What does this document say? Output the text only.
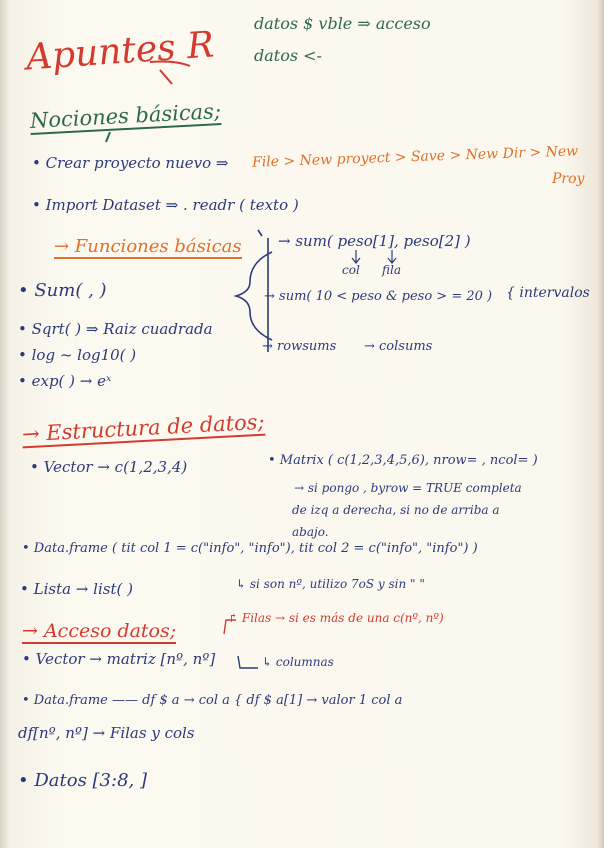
Apuntes R
datos $ vble ⇒ acceso
datos <-
Nociones básicas;
• Crear proyecto nuevo ⇒ File > New proyect > Save > New Dir > New
Proy
• Import Dataset ⇒ . readr ( texto )
→ Funciones básicas
• Sum( , )
• Sqrt( ) ⇒ Raiz cuadrada
• log ~ log10( )
• exp( ) → eˣ
→ sum( peso[1], peso[2] )
col fila
→ sum( 10 < peso & peso > = 20 ) { intervalos
→ rowsums → colsums
→ Estructura de datos;
• Vector → c(1,2,3,4)	• Matrix ( c(1,2,3,4,5,6), nrow= , ncol= )
→ si pongo , byrow = TRUE completa
de izq a derecha, si no de arriba a
abajo.
• Data.frame ( tit col 1 = c("info", "info"), tit col 2 = c("info", "info") )
• Lista → list( )	↳ si son nº, utilizo 7oS y sin " "
→ Acceso datos;
↱ Filas → si es más de una c(nº, nº)
• Vector → matriz [nº, nº]	↳ columnas
• Data.frame —— df $ a → col a { df $ a[1] → valor 1 col a
df[nº, nº] → Filas y cols
• Datos [3:8, ]
